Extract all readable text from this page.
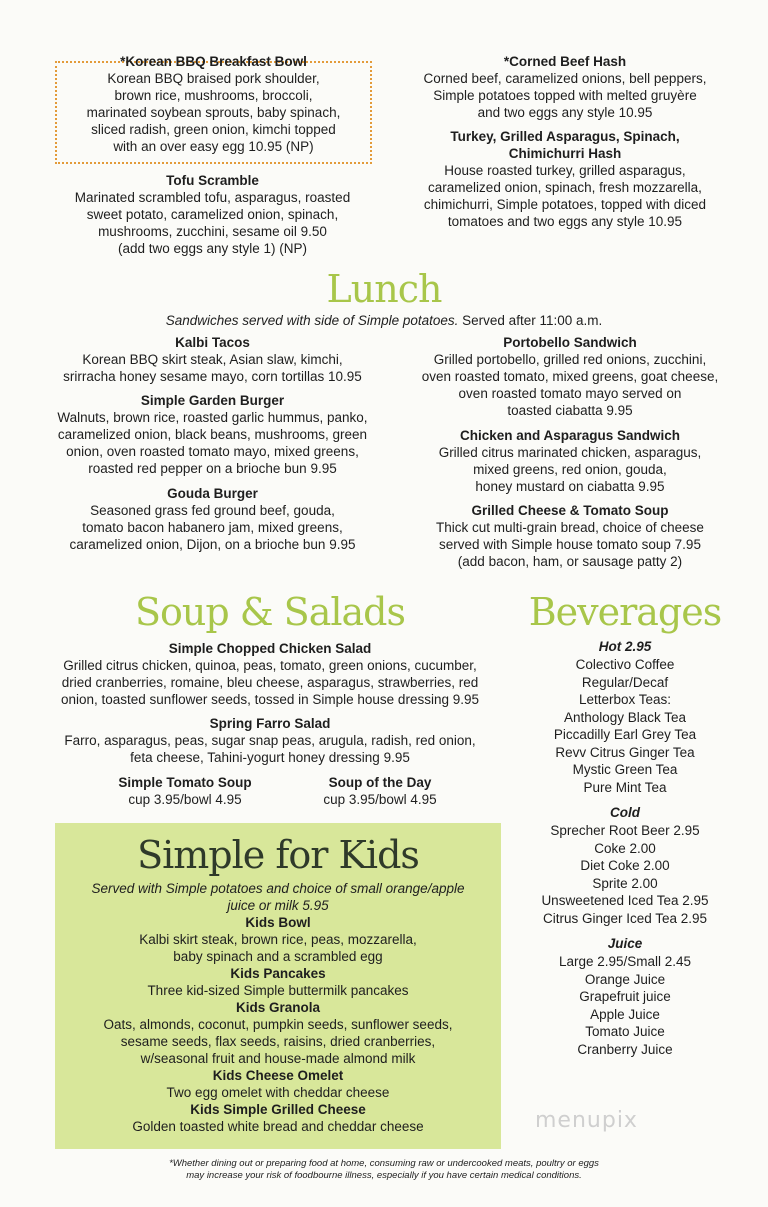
*Korean BBQ Breakfast Bowl
Korean BBQ braised pork shoulder,
brown rice, mushrooms, broccoli,
marinated soybean sprouts, baby spinach,
sliced radish, green onion, kimchi topped
with an over easy egg 10.95 (NP)
Tofu Scramble
Marinated scrambled tofu, asparagus, roasted
sweet potato, caramelized onion, spinach,
mushrooms, zucchini, sesame oil 9.50
(add two eggs any style 1) (NP)
*Corned Beef Hash
Corned beef, caramelized onions, bell peppers,
Simple potatoes topped with melted gruyère
and two eggs any style 10.95
Turkey, Grilled Asparagus, Spinach,
Chimichurri Hash
House roasted turkey, grilled asparagus,
caramelized onion, spinach, fresh mozzarella,
chimichurri, Simple potatoes, topped with diced
tomatoes and two eggs any style 10.95
Lunch
Sandwiches served with side of Simple potatoes. Served after 11:00 a.m.
Kalbi Tacos
Korean BBQ skirt steak, Asian slaw, kimchi,
srirracha honey sesame mayo, corn tortillas 10.95
Simple Garden Burger
Walnuts, brown rice, roasted garlic hummus, panko,
caramelized onion, black beans, mushrooms, green
onion, oven roasted tomato mayo, mixed greens,
roasted red pepper on a brioche bun 9.95
Gouda Burger
Seasoned grass fed ground beef, gouda,
tomato bacon habanero jam, mixed greens,
caramelized onion, Dijon, on a brioche bun 9.95
Portobello Sandwich
Grilled portobello, grilled red onions, zucchini,
oven roasted tomato, mixed greens, goat cheese,
oven roasted tomato mayo served on
toasted ciabatta 9.95
Chicken and Asparagus Sandwich
Grilled citrus marinated chicken, asparagus,
mixed greens, red onion, gouda,
honey mustard on ciabatta 9.95
Grilled Cheese & Tomato Soup
Thick cut multi-grain bread, choice of cheese
served with Simple house tomato soup 7.95
(add bacon, ham, or sausage patty 2)
Soup & Salads
Simple Chopped Chicken Salad
Grilled citrus chicken, quinoa, peas, tomato, green onions, cucumber,
dried cranberries, romaine, bleu cheese, asparagus, strawberries, red
onion, toasted sunflower seeds, tossed in Simple house dressing 9.95
Spring Farro Salad
Farro, asparagus, peas, sugar snap peas, arugula, radish, red onion,
feta cheese, Tahini-yogurt honey dressing 9.95
Simple Tomato Soup
cup 3.95/bowl 4.95
Soup of the Day
cup 3.95/bowl 4.95
Simple for Kids
Served with Simple potatoes and choice of small orange/apple
juice or milk 5.95
Kids Bowl
Kalbi skirt steak, brown rice, peas, mozzarella,
baby spinach and a scrambled egg
Kids Pancakes
Three kid-sized Simple buttermilk pancakes
Kids Granola
Oats, almonds, coconut, pumpkin seeds, sunflower seeds,
sesame seeds, flax seeds, raisins, dried cranberries,
w/seasonal fruit and house-made almond milk
Kids Cheese Omelet
Two egg omelet with cheddar cheese
Kids Simple Grilled Cheese
Golden toasted white bread and cheddar cheese
Beverages
Hot 2.95
Colectivo Coffee
Regular/Decaf
Letterbox Teas:
Anthology Black Tea
Piccadilly Earl Grey Tea
Revv Citrus Ginger Tea
Mystic Green Tea
Pure Mint Tea
Cold
Sprecher Root Beer 2.95
Coke 2.00
Diet Coke 2.00
Sprite 2.00
Unsweetened Iced Tea 2.95
Citrus Ginger Iced Tea 2.95
Juice
Large 2.95/Small 2.45
Orange Juice
Grapefruit juice
Apple Juice
Tomato Juice
Cranberry Juice
menupix
*Whether dining out or preparing food at home, consuming raw or undercooked meats, poultry or eggs
may increase your risk of foodbourne illness, especially if you have certain medical conditions.
